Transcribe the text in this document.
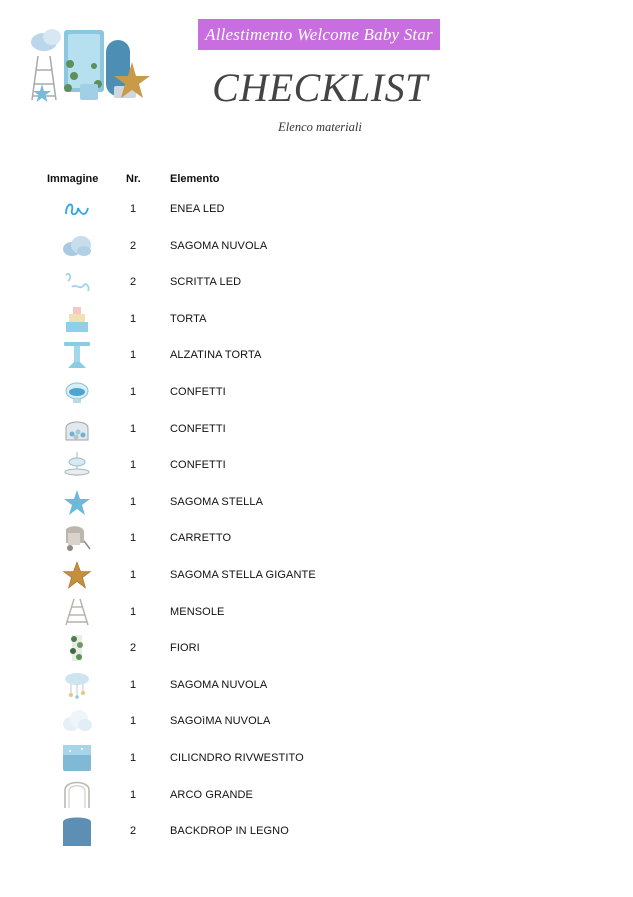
Allestimento Welcome Baby Star
CHECKLIST
Elenco materiali
Immagine	Nr.	Elemento
1	ENEA LED
2	SAGOMA NUVOLA
2	SCRITTA LED
1	TORTA
1	ALZATINA TORTA
1	CONFETTI
1	CONFETTI
1	CONFETTI
1	SAGOMA STELLA
1	CARRETTO
1	SAGOMA STELLA GIGANTE
1	MENSOLE
2	FIORI
1	SAGOMA NUVOLA
1	SAGOìMA NUVOLA
1	CILICNDRO RIVWESTITO
1	ARCO GRANDE
2	BACKDROP IN LEGNO
